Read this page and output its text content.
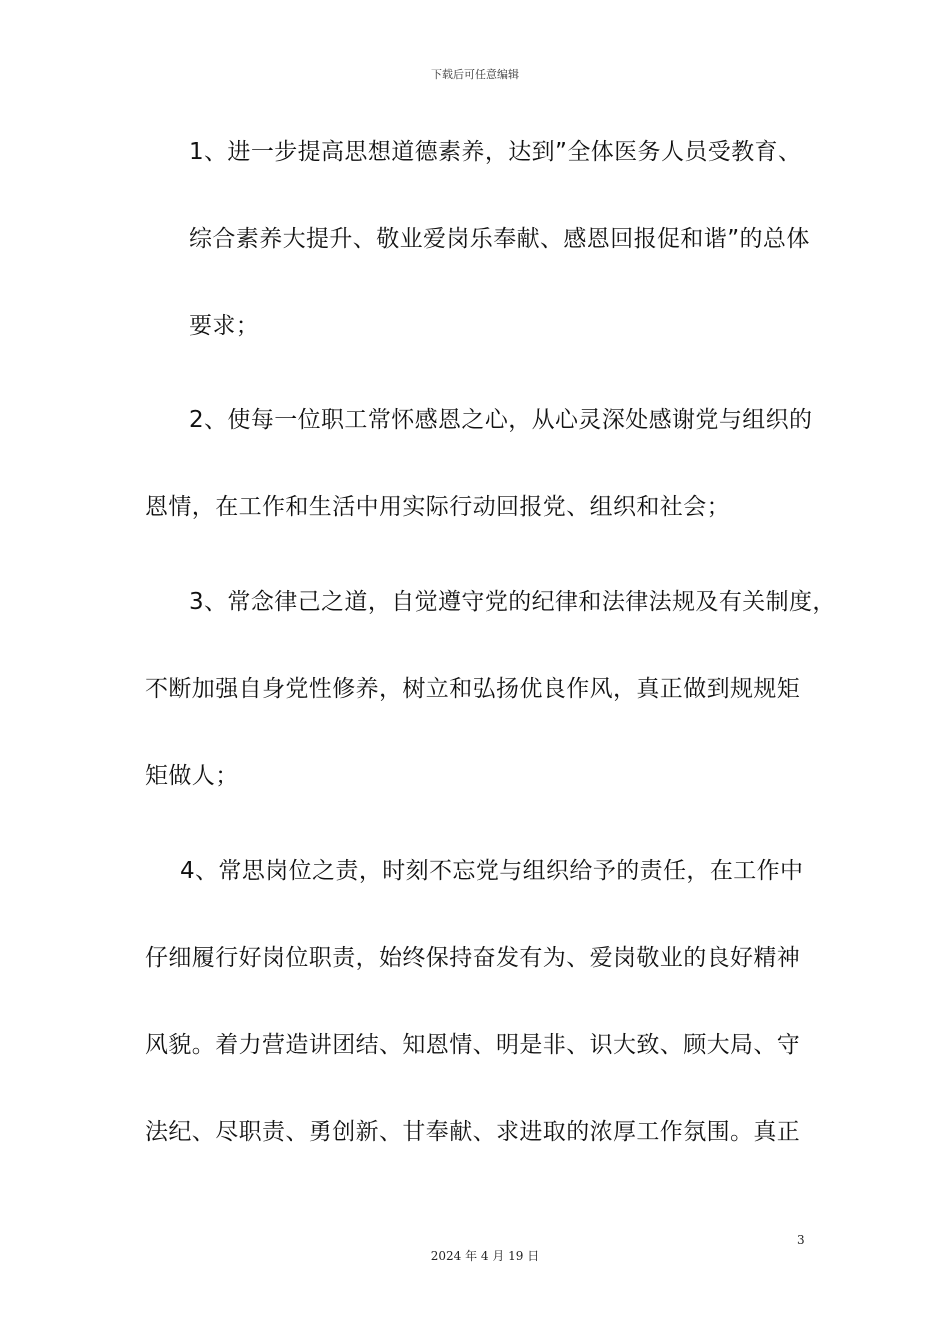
下载后可任意编辑
1、进一步提高思想道德素养，达到”全体医务人员受教育、
综合素养大提升、敬业爱岗乐奉献、感恩回报促和谐”的总体
要求；
2、使每一位职工常怀感恩之心，从心灵深处感谢党与组织的
恩情，在工作和生活中用实际行动回报党、组织和社会；
3、常念律己之道，自觉遵守党的纪律和法律法规及有关制度，
不断加强自身党性修养，树立和弘扬优良作风，真正做到规规矩
矩做人；
4、常思岗位之责，时刻不忘党与组织给予的责任，在工作中
仔细履行好岗位职责，始终保持奋发有为、爱岗敬业的良好精神
风貌。着力营造讲团结、知恩情、明是非、识大致、顾大局、守
法纪、尽职责、勇创新、甘奉献、求进取的浓厚工作氛围。真正
3
2024 年 4 月 19 日
